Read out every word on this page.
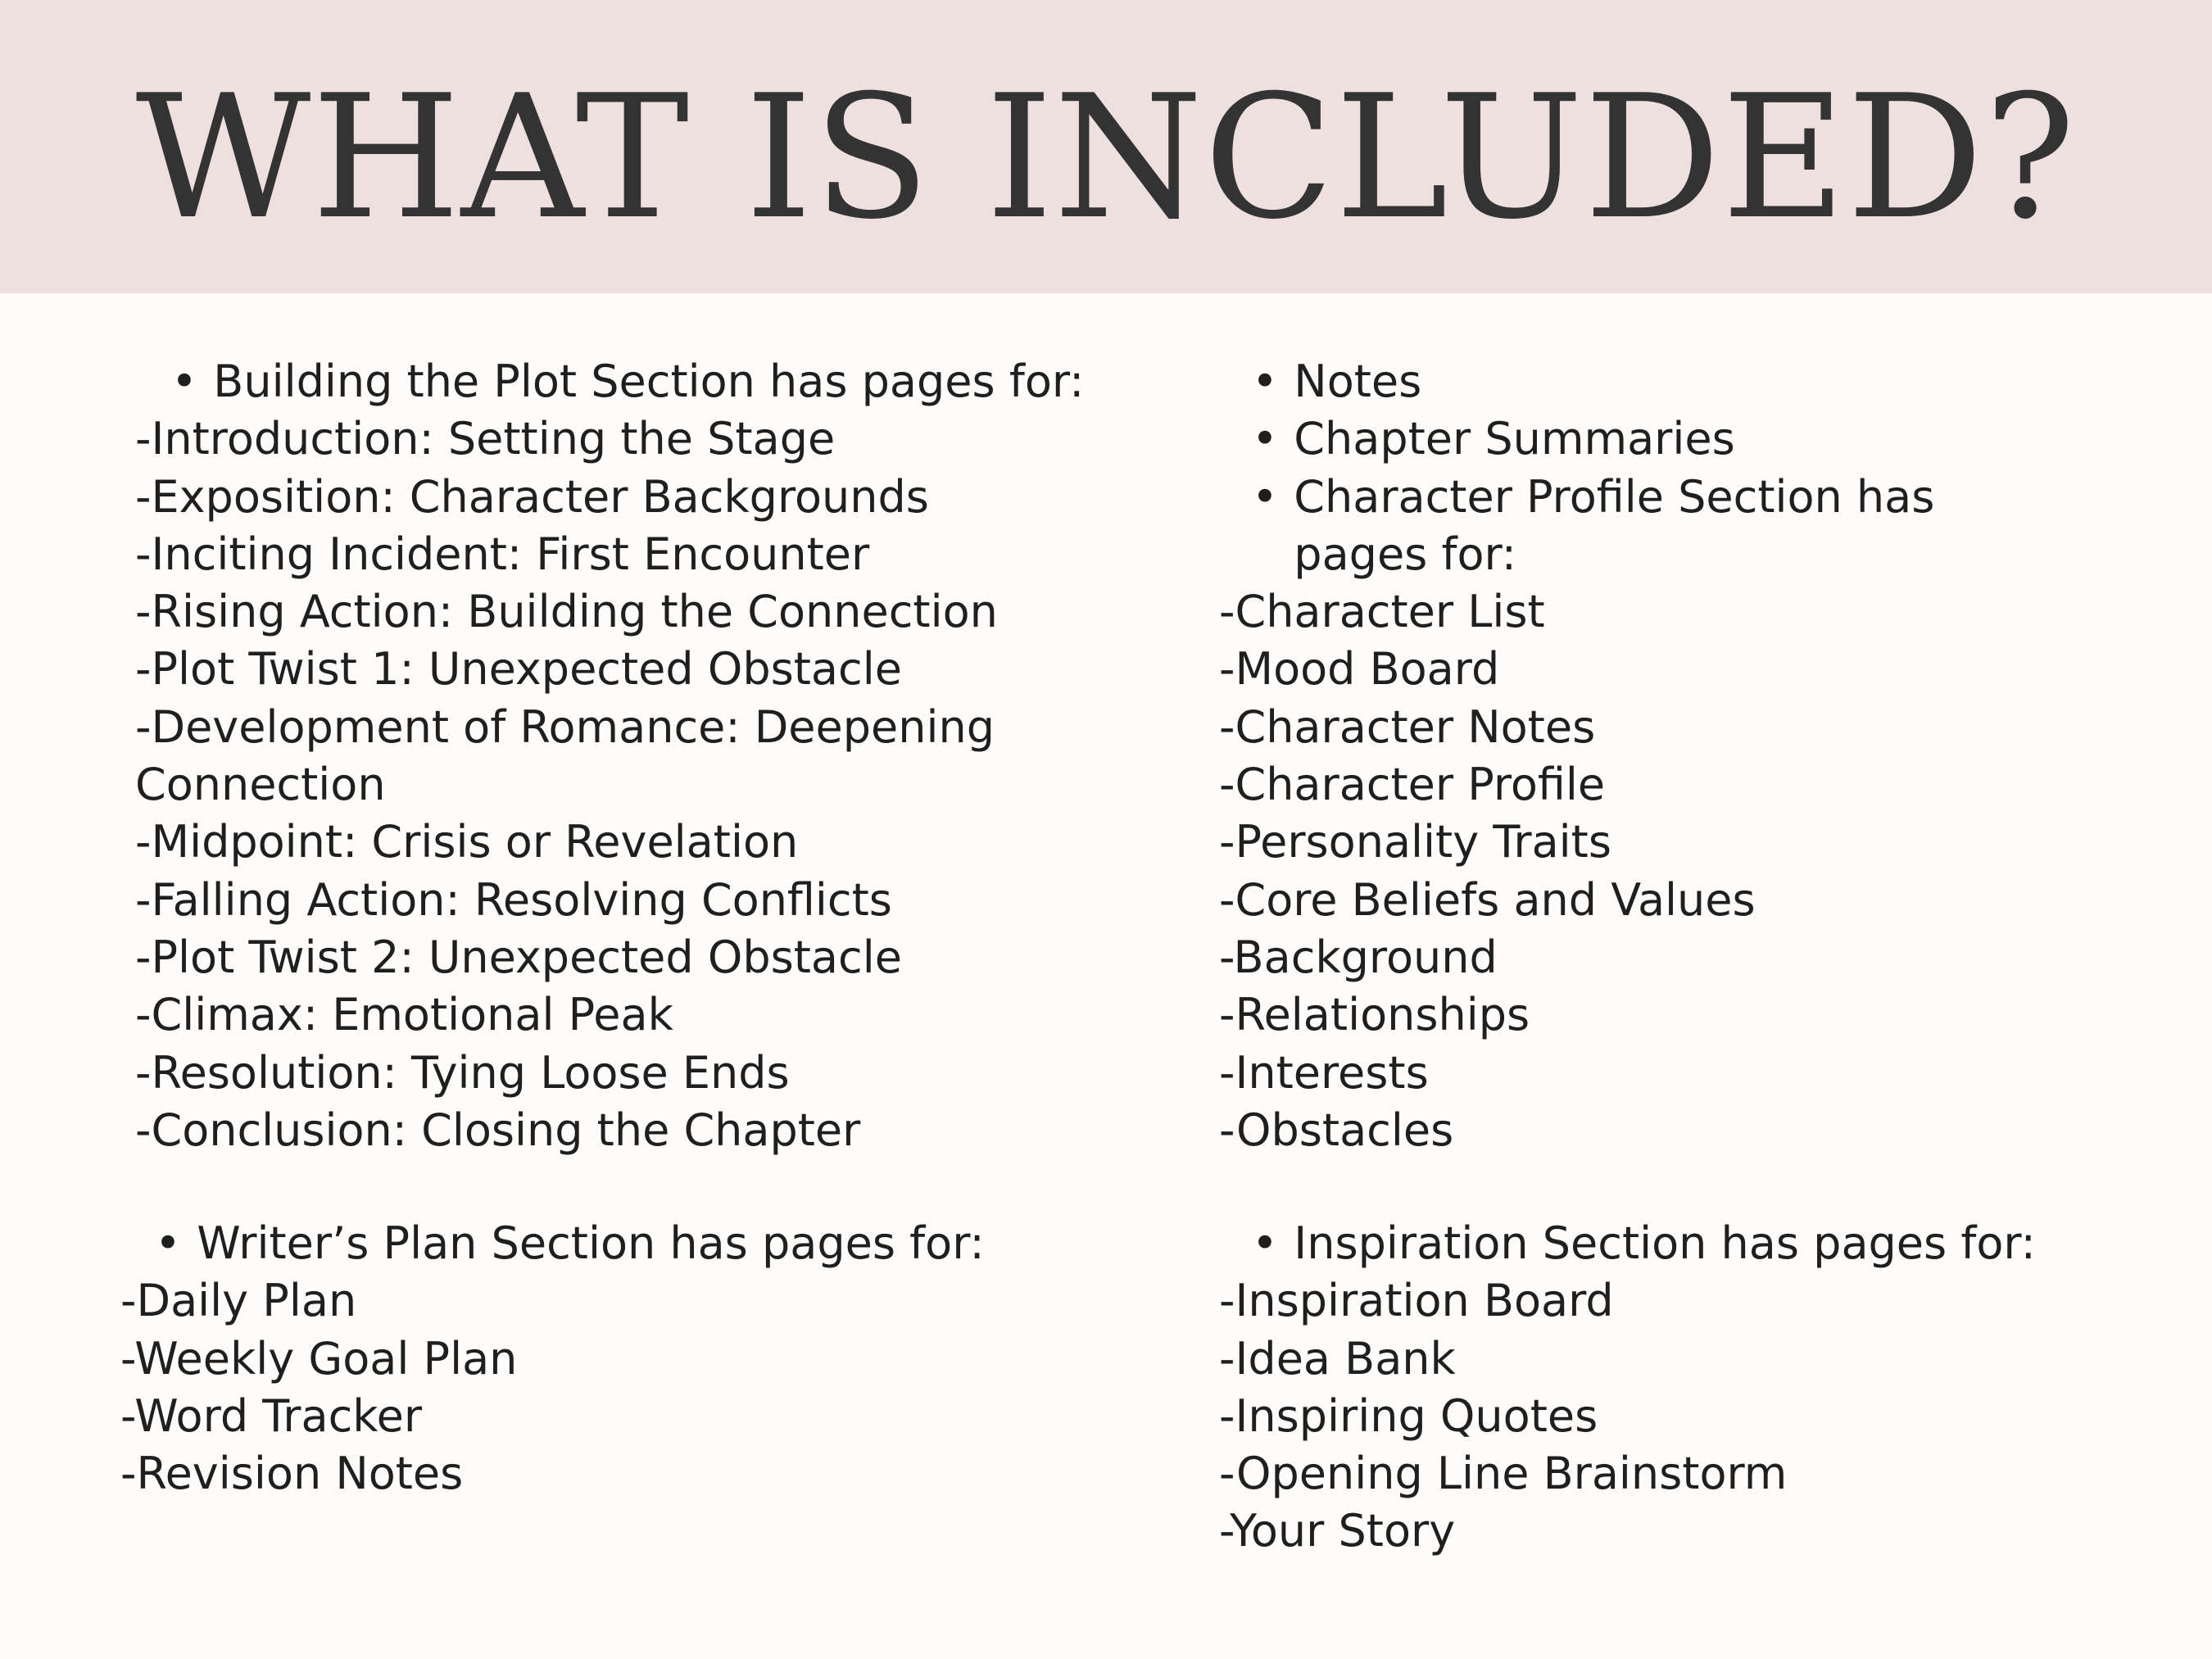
WHAT IS INCLUDED?
• Building the Plot Section has pages for:
-Introduction: Setting the Stage
-Exposition: Character Backgrounds
-Inciting Incident: First Encounter
-Rising Action: Building the Connection
-Plot Twist 1: Unexpected Obstacle
-Development of Romance: Deepening
Connection
-Midpoint: Crisis or Revelation
-Falling Action: Resolving Conflicts
-Plot Twist 2: Unexpected Obstacle
-Climax: Emotional Peak
-Resolution: Tying Loose Ends
-Conclusion: Closing the Chapter
• Notes
• Chapter Summaries
• Character Profile Section has pages for:
-Character List
-Mood Board
-Character Notes
-Character Profile
-Personality Traits
-Core Beliefs and Values
-Background
-Relationships
-Interests
-Obstacles
• Writer’s Plan Section has pages for:
-Daily Plan
-Weekly Goal Plan
-Word Tracker
-Revision Notes
• Inspiration Section has pages for:
-Inspiration Board
-Idea Bank
-Inspiring Quotes
-Opening Line Brainstorm
-Your Story
